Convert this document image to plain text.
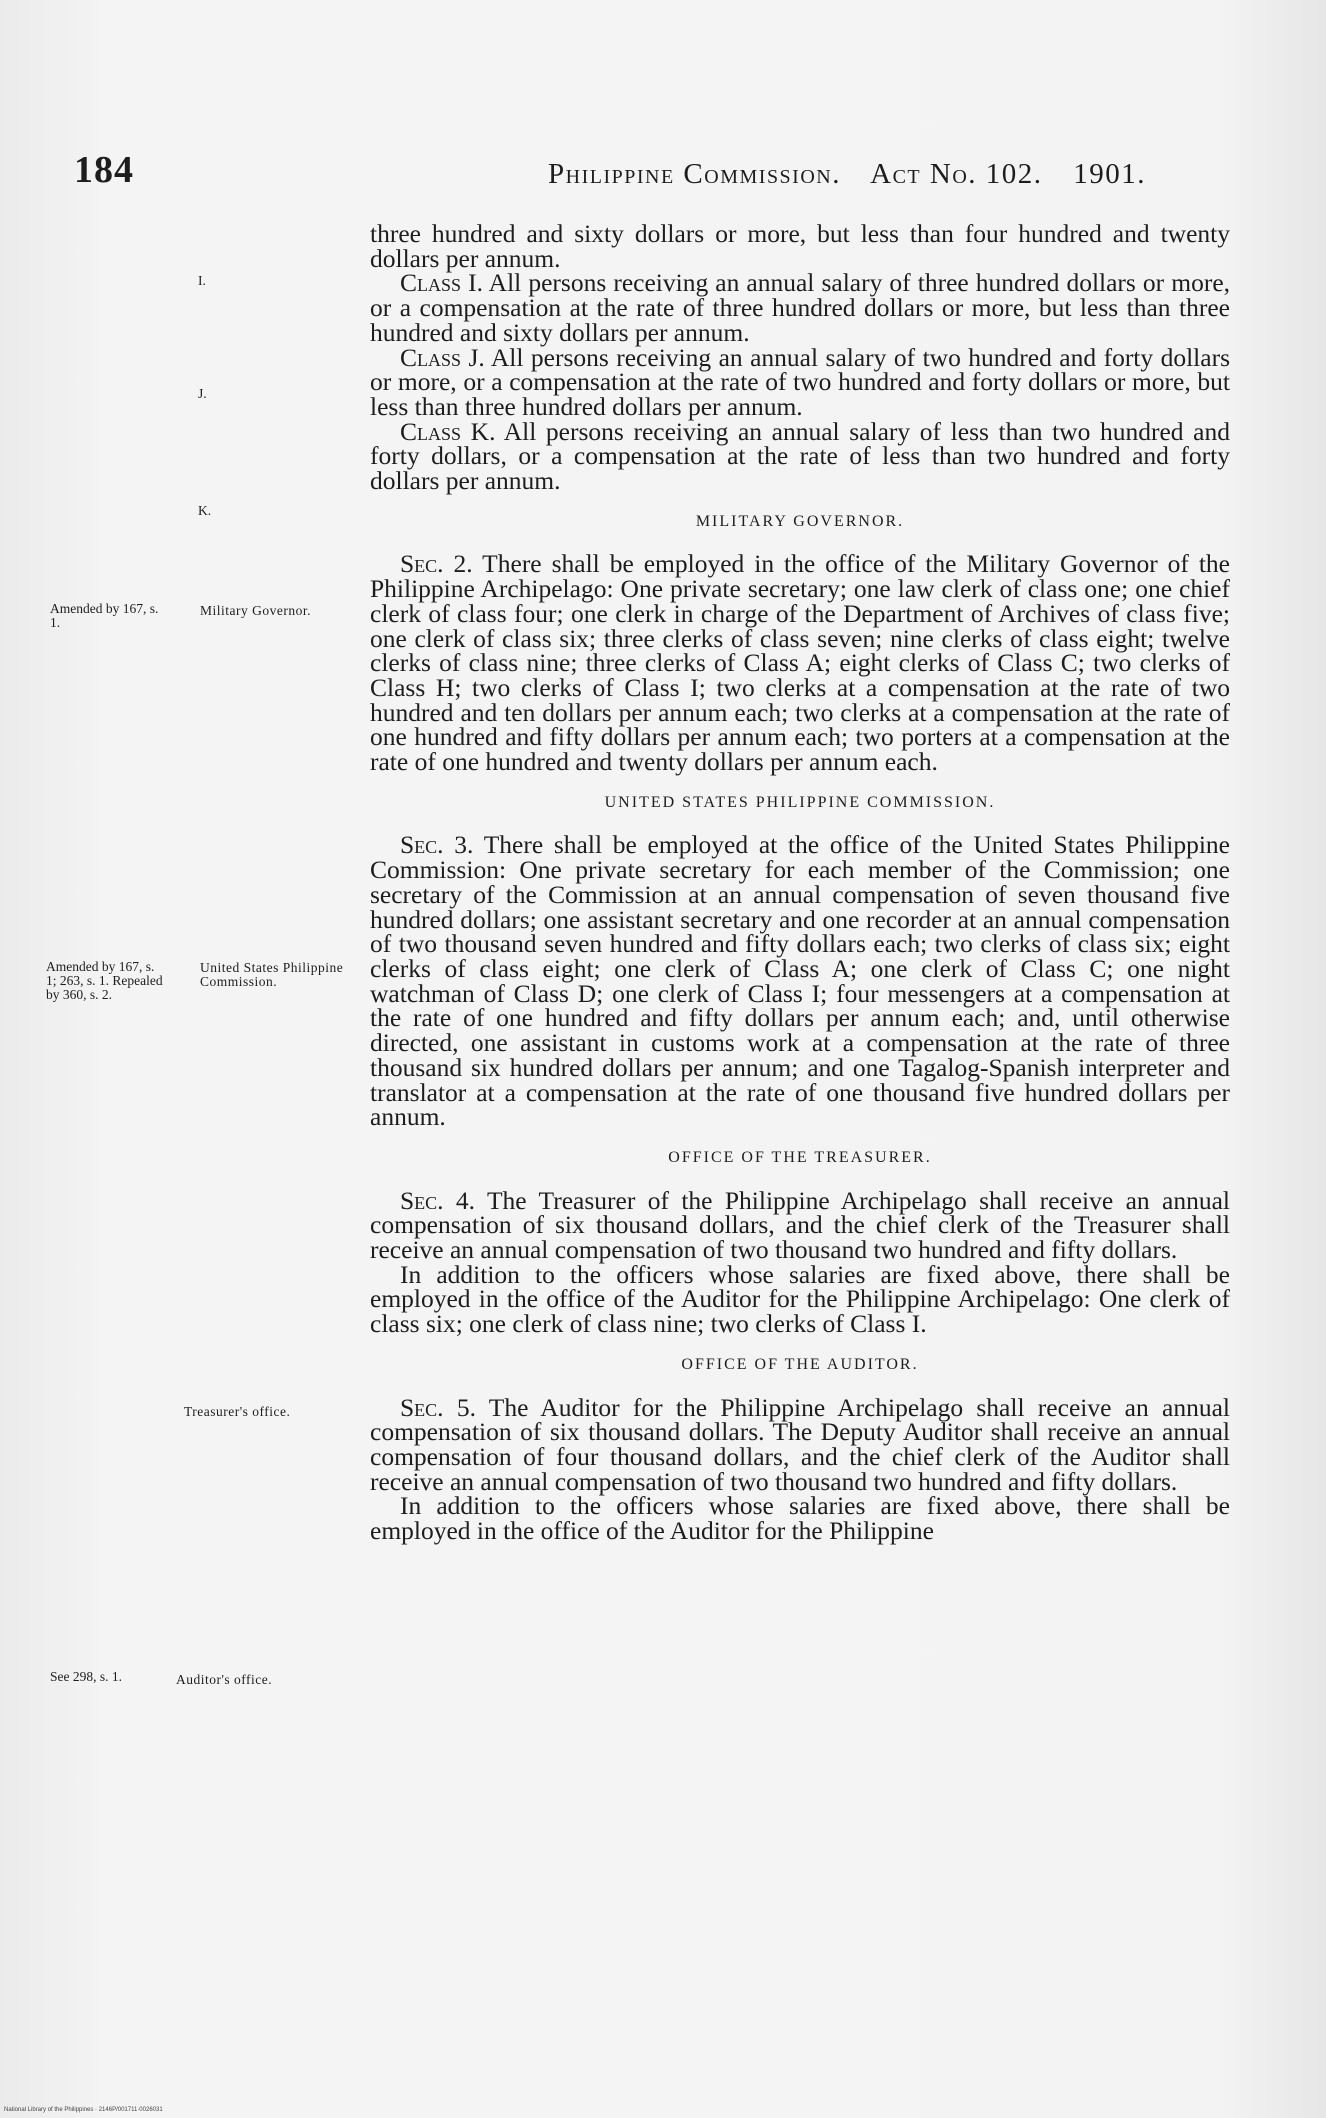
184	Philippine Commission. Act No. 102. 1901.
I.
J.
K.
Amended by 167, s. 1.
Military Governor.
Amended by 167, s. 1; 263, s. 1. Repealed by 360, s. 2.
United States Philippine Commission.
Treasurer's office.
See 298, s. 1.	Auditor's office.

three hundred and sixty dollars or more, but less than four hundred and twenty dollars per annum.

Class I. All persons receiving an annual salary of three hundred dollars or more, or a compensation at the rate of three hundred dollars or more, but less than three hundred and sixty dollars per annum.

Class J. All persons receiving an annual salary of two hundred and forty dollars or more, or a compensation at the rate of two hundred and forty dollars or more, but less than three hundred dollars per annum.

Class K. All persons receiving an annual salary of less than two hundred and forty dollars, or a compensation at the rate of less than two hundred and forty dollars per annum.

MILITARY GOVERNOR.

Sec. 2. There shall be employed in the office of the Military Governor of the Philippine Archipelago: One private secretary; one law clerk of class one; one chief clerk of class four; one clerk in charge of the Department of Archives of class five; one clerk of class six; three clerks of class seven; nine clerks of class eight; twelve clerks of class nine; three clerks of Class A; eight clerks of Class C; two clerks of Class H; two clerks of Class I; two clerks at a compensation at the rate of two hundred and ten dollars per annum each; two clerks at a compensation at the rate of one hundred and fifty dollars per annum each; two porters at a compensation at the rate of one hundred and twenty dollars per annum each.

UNITED STATES PHILIPPINE COMMISSION.

Sec. 3. There shall be employed at the office of the United States Philippine Commission: One private secretary for each member of the Commission; one secretary of the Commission at an annual compensation of seven thousand five hundred dollars; one assistant secretary and one recorder at an annual compensation of two thousand seven hundred and fifty dollars each; two clerks of class six; eight clerks of class eight; one clerk of Class A; one clerk of Class C; one night watchman of Class D; one clerk of Class I; four messengers at a compensation at the rate of one hundred and fifty dollars per annum each; and, until otherwise directed, one assistant in customs work at a compensation at the rate of three thousand six hundred dollars per annum; and one Tagalog-Spanish interpreter and translator at a compensation at the rate of one thousand five hundred dollars per annum.

OFFICE OF THE TREASURER.

Sec. 4. The Treasurer of the Philippine Archipelago shall receive an annual compensation of six thousand dollars, and the chief clerk of the Treasurer shall receive an annual compensation of two thousand two hundred and fifty dollars.

In addition to the officers whose salaries are fixed above, there shall be employed in the office of the Auditor for the Philippine Archipelago: One clerk of class six; one clerk of class nine; two clerks of Class I.

OFFICE OF THE AUDITOR.

Sec. 5. The Auditor for the Philippine Archipelago shall receive an annual compensation of six thousand dollars. The Deputy Auditor shall receive an annual compensation of four thousand dollars, and the chief clerk of the Auditor shall receive an annual compensation of two thousand two hundred and fifty dollars.

In addition to the officers whose salaries are fixed above, there shall be employed in the office of the Auditor for the Philippine

National Library of the Philippines · 2146P/001711·0026031
